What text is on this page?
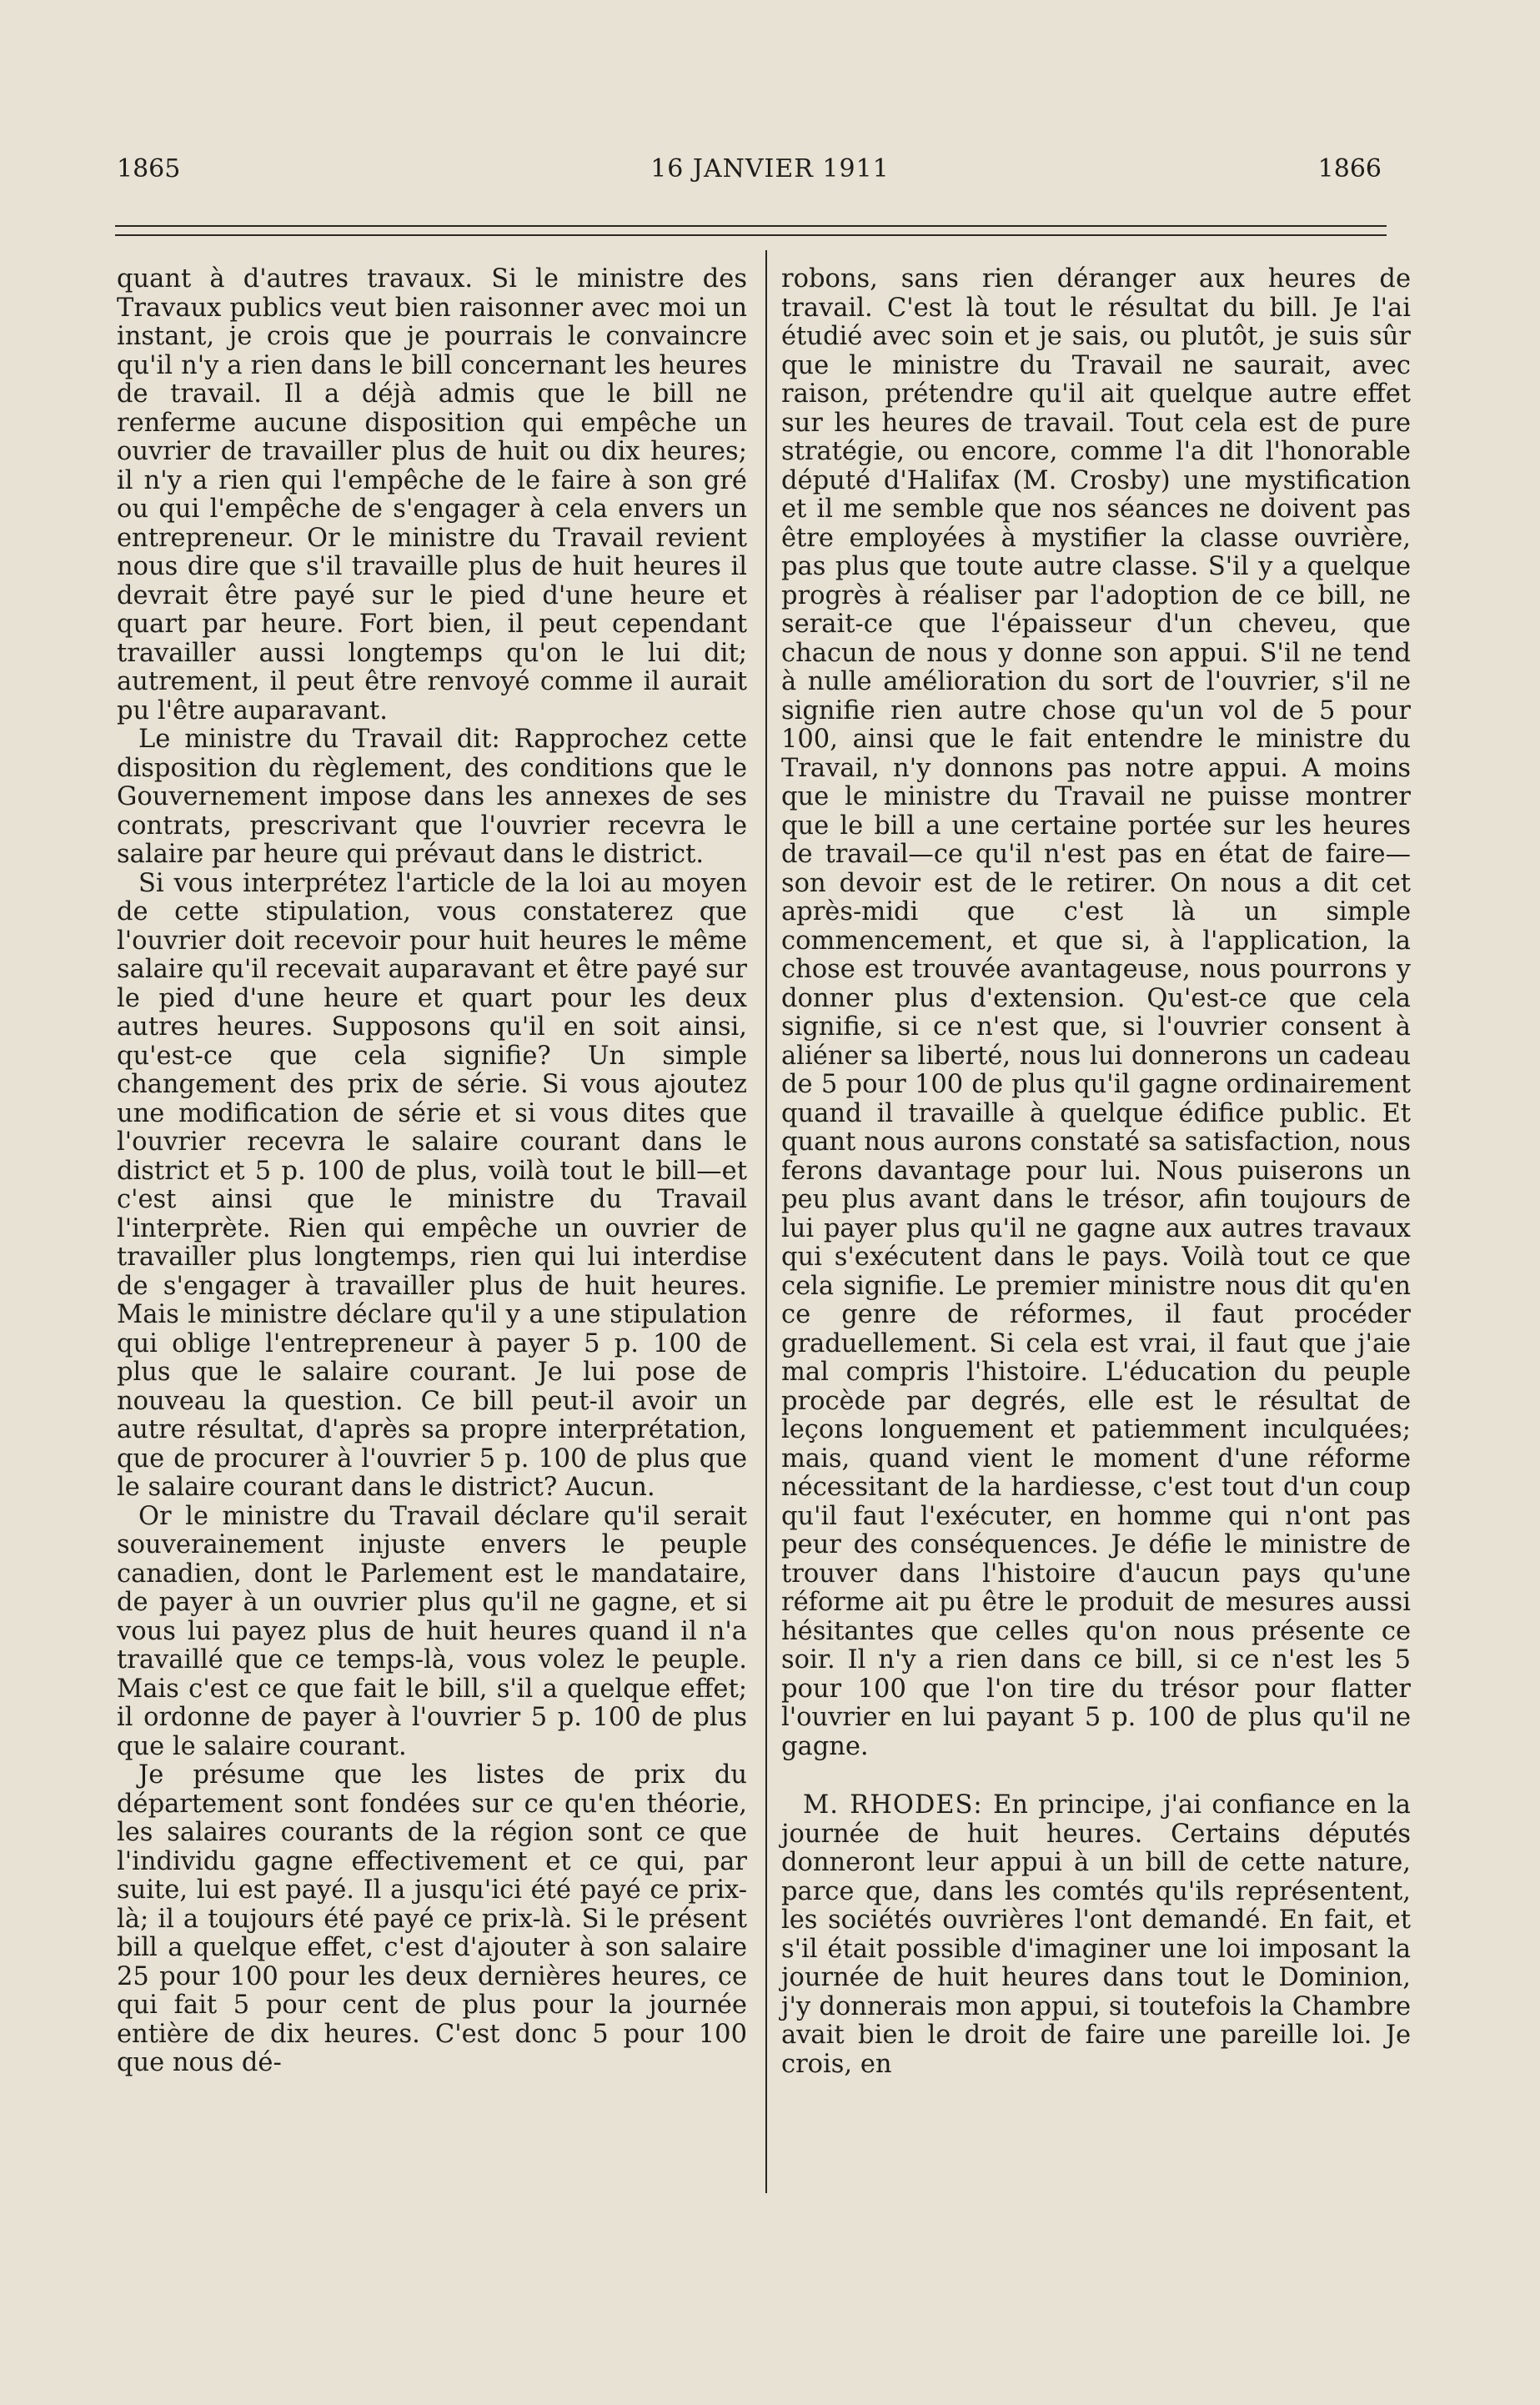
1865	16 JANVIER 1911	1866

quant à d'autres travaux. Si le ministre des Travaux publics veut bien raisonner avec moi un instant, je crois que je pourrais le convaincre qu'il n'y a rien dans le bill concernant les heures de travail. Il a déjà admis que le bill ne renferme aucune disposition qui empêche un ouvrier de travailler plus de huit ou dix heures; il n'y a rien qui l'empêche de le faire à son gré ou qui l'empêche de s'engager à cela envers un entrepreneur. Or le ministre du Travail revient nous dire que s'il travaille plus de huit heures il devrait être payé sur le pied d'une heure et quart par heure. Fort bien, il peut cependant travailler aussi longtemps qu'on le lui dit; autrement, il peut être renvoyé comme il aurait pu l'être auparavant.

Le ministre du Travail dit: Rapprochez cette disposition du règlement, des conditions que le Gouvernement impose dans les annexes de ses contrats, prescrivant que l'ouvrier recevra le salaire par heure qui prévaut dans le district.

Si vous interprétez l'article de la loi au moyen de cette stipulation, vous constaterez que l'ouvrier doit recevoir pour huit heures le même salaire qu'il recevait auparavant et être payé sur le pied d'une heure et quart pour les deux autres heures. Supposons qu'il en soit ainsi, qu'est-ce que cela signifie? Un simple changement des prix de série. Si vous ajoutez une modification de série et si vous dites que l'ouvrier recevra le salaire courant dans le district et 5 p. 100 de plus, voilà tout le bill—et c'est ainsi que le ministre du Travail l'interprète. Rien qui empêche un ouvrier de travailler plus longtemps, rien qui lui interdise de s'engager à travailler plus de huit heures. Mais le ministre déclare qu'il y a une stipulation qui oblige l'entrepreneur à payer 5 p. 100 de plus que le salaire courant. Je lui pose de nouveau la question. Ce bill peut-il avoir un autre résultat, d'après sa propre interprétation, que de procurer à l'ouvrier 5 p. 100 de plus que le salaire courant dans le district? Aucun.

Or le ministre du Travail déclare qu'il serait souverainement injuste envers le peuple canadien, dont le Parlement est le mandataire, de payer à un ouvrier plus qu'il ne gagne, et si vous lui payez plus de huit heures quand il n'a travaillé que ce temps-là, vous volez le peuple. Mais c'est ce que fait le bill, s'il a quelque effet; il ordonne de payer à l'ouvrier 5 p. 100 de plus que le salaire courant.

Je présume que les listes de prix du département sont fondées sur ce qu'en théorie, les salaires courants de la région sont ce que l'individu gagne effectivement et ce qui, par suite, lui est payé. Il a jusqu'ici été payé ce prix-là; il a toujours été payé ce prix-là. Si le présent bill a quelque effet, c'est d'ajouter à son salaire 25 pour 100 pour les deux dernières heures, ce qui fait 5 pour cent de plus pour la journée entière de dix heures. C'est donc 5 pour 100 que nous dé-

robons, sans rien déranger aux heures de travail. C'est là tout le résultat du bill. Je l'ai étudié avec soin et je sais, ou plutôt, je suis sûr que le ministre du Travail ne saurait, avec raison, prétendre qu'il ait quelque autre effet sur les heures de travail. Tout cela est de pure stratégie, ou encore, comme l'a dit l'honorable député d'Halifax (M. Crosby) une mystification et il me semble que nos séances ne doivent pas être employées à mystifier la classe ouvrière, pas plus que toute autre classe. S'il y a quelque progrès à réaliser par l'adoption de ce bill, ne serait-ce que l'épaisseur d'un cheveu, que chacun de nous y donne son appui. S'il ne tend à nulle amélioration du sort de l'ouvrier, s'il ne signifie rien autre chose qu'un vol de 5 pour 100, ainsi que le fait entendre le ministre du Travail, n'y donnons pas notre appui. A moins que le ministre du Travail ne puisse montrer que le bill a une certaine portée sur les heures de travail—ce qu'il n'est pas en état de faire—son devoir est de le retirer. On nous a dit cet après-midi que c'est là un simple commencement, et que si, à l'application, la chose est trouvée avantageuse, nous pourrons y donner plus d'extension. Qu'est-ce que cela signifie, si ce n'est que, si l'ouvrier consent à aliéner sa liberté, nous lui donnerons un cadeau de 5 pour 100 de plus qu'il gagne ordinairement quand il travaille à quelque édifice public. Et quant nous aurons constaté sa satisfaction, nous ferons davantage pour lui. Nous puiserons un peu plus avant dans le trésor, afin toujours de lui payer plus qu'il ne gagne aux autres travaux qui s'exécutent dans le pays. Voilà tout ce que cela signifie. Le premier ministre nous dit qu'en ce genre de réformes, il faut procéder graduellement. Si cela est vrai, il faut que j'aie mal compris l'histoire. L'éducation du peuple procède par degrés, elle est le résultat de leçons longuement et patiemment inculquées; mais, quand vient le moment d'une réforme nécessitant de la hardiesse, c'est tout d'un coup qu'il faut l'exécuter, en homme qui n'ont pas peur des conséquences. Je défie le ministre de trouver dans l'histoire d'aucun pays qu'une réforme ait pu être le produit de mesures aussi hésitantes que celles qu'on nous présente ce soir. Il n'y a rien dans ce bill, si ce n'est les 5 pour 100 que l'on tire du trésor pour flatter l'ouvrier en lui payant 5 p. 100 de plus qu'il ne gagne.

M. RHODES: En principe, j'ai confiance en la journée de huit heures. Certains députés donneront leur appui à un bill de cette nature, parce que, dans les comtés qu'ils représentent, les sociétés ouvrières l'ont demandé. En fait, et s'il était possible d'imaginer une loi imposant la journée de huit heures dans tout le Dominion, j'y donnerais mon appui, si toutefois la Chambre avait bien le droit de faire une pareille loi. Je crois, en
